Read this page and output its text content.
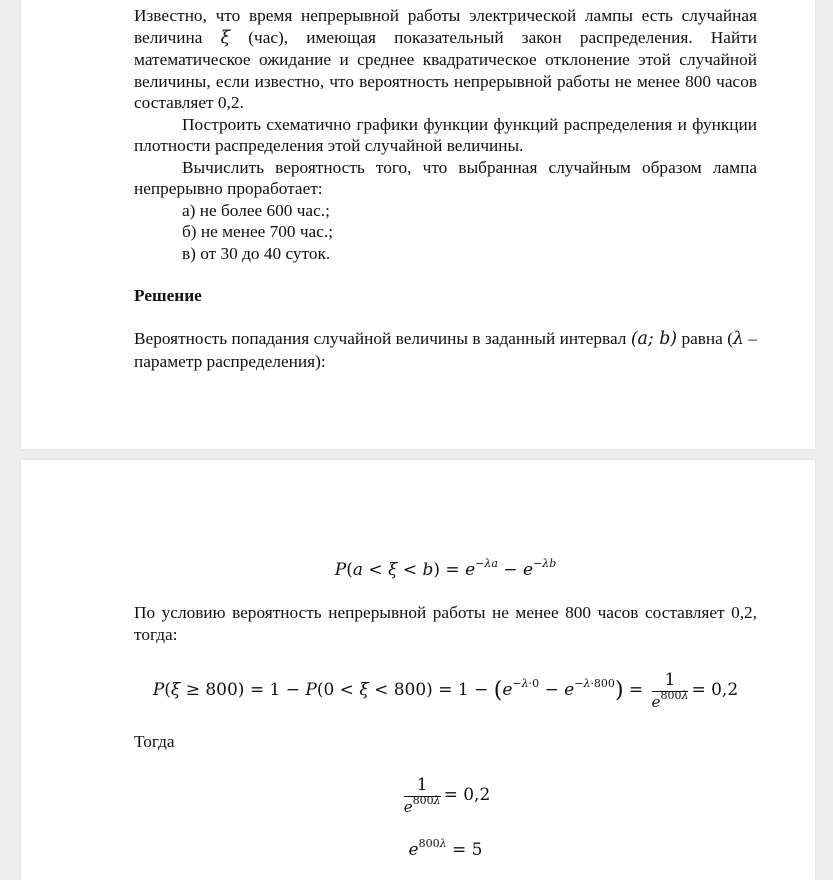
Известно, что время непрерывной работы электрической лампы есть случайная величина ξ (час), имеющая показательный закон распределения. Найти математическое ожидание и среднее квадратическое отклонение этой случайной величины, если известно, что вероятность непрерывной работы не менее 800 часов составляет 0,2.

Построить схематично графики функции функций распределения и функции плотности распределения этой случайной величины.

Вычислить вероятность того, что выбранная случайным образом лампа непрерывно проработает:

а) не более 600 час.;

б) не менее 700 час.;

в) от 30 до 40 суток.

Решение

Вероятность попадания случайной величины в заданный интервал (a; b) равна (λ – параметр распределения):

$P(a < \xi < b) = e^{-\lambda a} - e^{-\lambda b}$

По условию вероятность непрерывной работы не менее 800 часов составляет 0,2, тогда:

$P(\xi \ge 800) = 1 - P(0 < \xi < 800) = 1 - (e^{-\lambda\cdot 0} - e^{-\lambda\cdot 800}) = \frac{1}{e^{800\lambda}} = 0,2$

Тогда

$\frac{1}{e^{800\lambda}} = 0,2$
$e^{800\lambda} = 5$
